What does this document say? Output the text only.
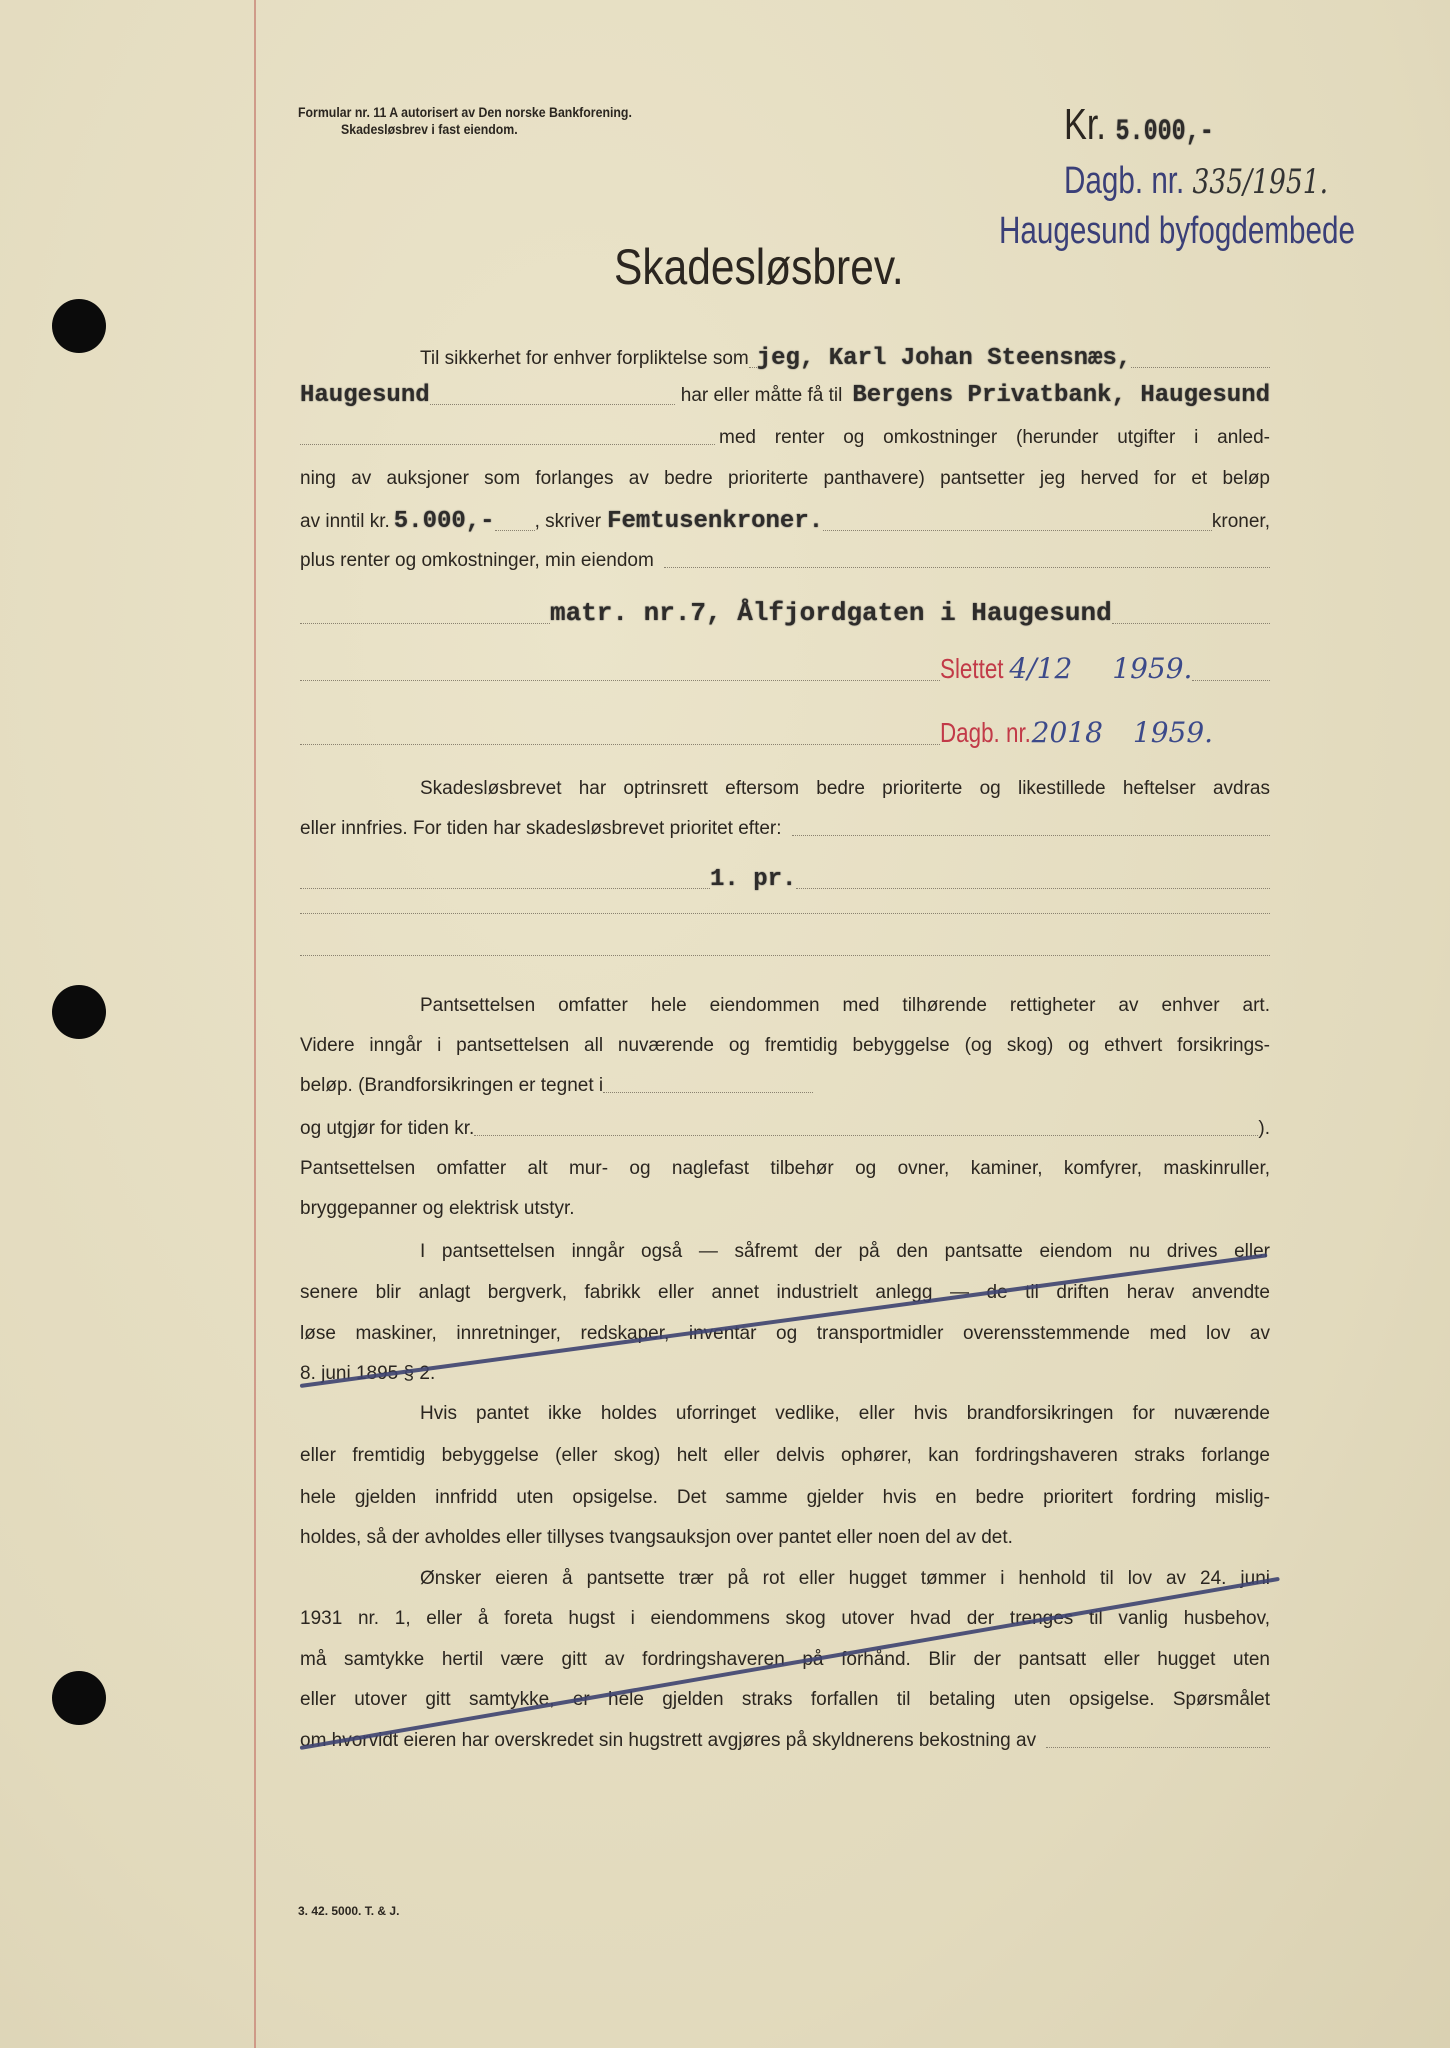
Formular nr. 11 A autorisert av Den norske Bankforening.
Skadesløsbrev i fast eiendom.	Kr. 5.000,-
Dagb. nr. 335/1951.
Haugesund byfogdembede
Skadesløsbrev.
Til sikkerhet for enhver forpliktelse som jeg, Karl Johan Steensnæs,
Haugesund	har eller måtte få til Bergens Privatbank, Haugesund
med renter og omkostninger (herunder utgifter i anled-
ning av auksjoner som forlanges av bedre prioriterte panthavere) pantsetter jeg herved for et beløp
av inntil kr. 5.000,- , skriver Femtusenkroner.	kroner,
plus renter og omkostninger, min eiendom
matr. nr.7, Ålfjordgaten i Haugesund
Slettet 4/12 1959.
Dagb. nr. 2018 1959.
Skadesløsbrevet har optrinsrett eftersom bedre prioriterte og likestillede heftelser avdras
eller innfries. For tiden har skadesløsbrevet prioritet efter:
1. pr.
Pantsettelsen omfatter hele eiendommen med tilhørende rettigheter av enhver art.
Videre inngår i pantsettelsen all nuværende og fremtidig bebyggelse (og skog) og ethvert forsikrings-
beløp. (Brandforsikringen er tegnet i
og utgjør for tiden kr.	).
Pantsettelsen omfatter alt mur- og naglefast tilbehør og ovner, kaminer, komfyrer, maskinruller,
bryggepanner og elektrisk utstyr.
I pantsettelsen inngår også — såfremt der på den pantsatte eiendom nu drives eller
senere blir anlagt bergverk, fabrikk eller annet industrielt anlegg — de til driften herav anvendte
løse maskiner, innretninger, redskaper, inventar og transportmidler overensstemmende med lov av
8. juni 1895 § 2.
Hvis pantet ikke holdes uforringet vedlike, eller hvis brandforsikringen for nuværende
eller fremtidig bebyggelse (eller skog) helt eller delvis ophører, kan fordringshaveren straks forlange
hele gjelden innfridd uten opsigelse. Det samme gjelder hvis en bedre prioritert fordring mislig-
holdes, så der avholdes eller tillyses tvangsauksjon over pantet eller noen del av det.
Ønsker eieren å pantsette trær på rot eller hugget tømmer i henhold til lov av 24. juni
1931 nr. 1, eller å foreta hugst i eiendommens skog utover hvad der trenges til vanlig husbehov,
må samtykke hertil være gitt av fordringshaveren på forhånd. Blir der pantsatt eller hugget uten
eller utover gitt samtykke, er hele gjelden straks forfallen til betaling uten opsigelse. Spørsmålet
om hvorvidt eieren har overskredet sin hugstrett avgjøres på skyldnerens bekostning av
3. 42. 5000. T. & J.
